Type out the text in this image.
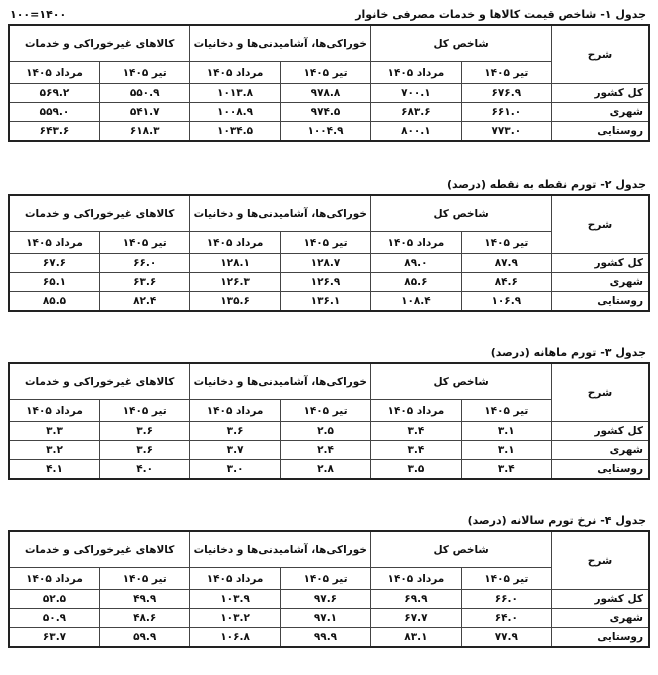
جدول ۱- شاخص قیمت کالاها و خدمات مصرفی خانوار
۱۰۰=۱۴۰۰
شرح	شاخص کل		خوراکی‌ها، آشامیدنی‌ها و دخانیات		کالاهای غیرخوراکی و خدمات	
	تیر ۱۴۰۵	مرداد ۱۴۰۵	تیر ۱۴۰۵	مرداد ۱۴۰۵	تیر ۱۴۰۵	مرداد ۱۴۰۵
کل کشور	۶۷۶.۹	۷۰۰.۱	۹۷۸.۸	۱۰۱۳.۸	۵۵۰.۹	۵۶۹.۲
شهری	۶۶۱.۰	۶۸۳.۶	۹۷۴.۵	۱۰۰۸.۹	۵۴۱.۷	۵۵۹.۰
روستایی	۷۷۳.۰	۸۰۰.۱	۱۰۰۴.۹	۱۰۳۴.۵	۶۱۸.۳	۶۴۳.۶
جدول ۲- تورم نقطه به نقطه (درصد)
شرح	شاخص کل		خوراکی‌ها، آشامیدنی‌ها و دخانیات		کالاهای غیرخوراکی و خدمات	
	تیر ۱۴۰۵	مرداد ۱۴۰۵	تیر ۱۴۰۵	مرداد ۱۴۰۵	تیر ۱۴۰۵	مرداد ۱۴۰۵
کل کشور	۸۷.۹	۸۹.۰	۱۲۸.۷	۱۲۸.۱	۶۶.۰	۶۷.۶
شهری	۸۴.۶	۸۵.۶	۱۲۶.۹	۱۲۶.۳	۶۳.۶	۶۵.۱
روستایی	۱۰۶.۹	۱۰۸.۴	۱۳۶.۱	۱۳۵.۶	۸۲.۴	۸۵.۵
جدول ۳- تورم ماهانه (درصد)
شرح	شاخص کل		خوراکی‌ها، آشامیدنی‌ها و دخانیات		کالاهای غیرخوراکی و خدمات	
	تیر ۱۴۰۵	مرداد ۱۴۰۵	تیر ۱۴۰۵	مرداد ۱۴۰۵	تیر ۱۴۰۵	مرداد ۱۴۰۵
کل کشور	۳.۱	۳.۴	۲.۵	۳.۶	۳.۶	۳.۳
شهری	۳.۱	۳.۴	۲.۴	۳.۷	۳.۶	۳.۲
روستایی	۳.۴	۳.۵	۲.۸	۳.۰	۴.۰	۴.۱
جدول ۴- نرخ تورم سالانه (درصد)
شرح	شاخص کل		خوراکی‌ها، آشامیدنی‌ها و دخانیات		کالاهای غیرخوراکی و خدمات	
	تیر ۱۴۰۵	مرداد ۱۴۰۵	تیر ۱۴۰۵	مرداد ۱۴۰۵	تیر ۱۴۰۵	مرداد ۱۴۰۵
کل کشور	۶۶.۰	۶۹.۹	۹۷.۶	۱۰۳.۹	۴۹.۹	۵۲.۵
شهری	۶۴.۰	۶۷.۷	۹۷.۱	۱۰۳.۲	۴۸.۶	۵۰.۹
روستایی	۷۷.۹	۸۳.۱	۹۹.۹	۱۰۶.۸	۵۹.۹	۶۳.۷
